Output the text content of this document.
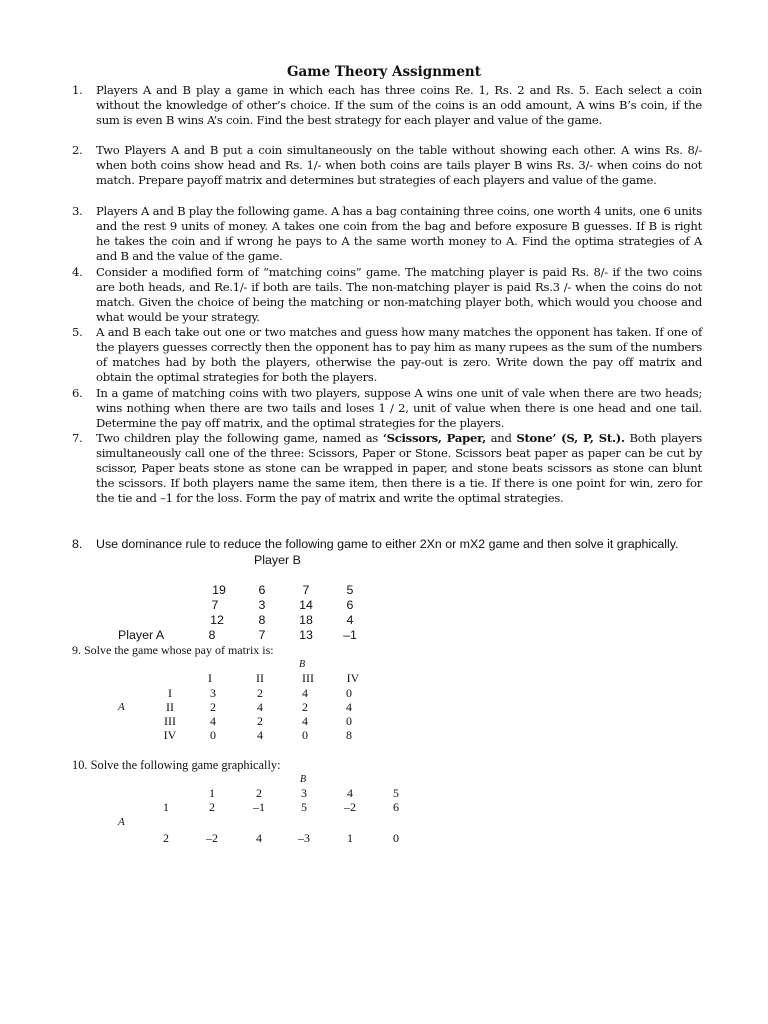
Game Theory Assignment
1. Players A and B play a game in which each has three coins Re. 1, Rs. 2 and Rs. 5. Each select a coin without the knowledge of other’s choice. If the sum of the coins is an odd amount, A wins B’s coin, if the sum is even B wins A’s coin. Find the best strategy for each player and value of the game.
2. Two Players A and B put a coin simultaneously on the table without showing each other. A wins Rs. 8/- when both coins show head and Rs. 1/- when both coins are tails player B wins Rs. 3/- when coins do not match. Prepare payoff matrix and determines but strategies of each players and value of the game.
3. Players A and B play the following game. A has a bag containing three coins, one worth 4 units, one 6 units and the rest 9 units of money. A takes one coin from the bag and before exposure B guesses. If B is right he takes the coin and if wrong he pays to A the same worth money to A. Find the optima strategies of A and B and the value of the game.
4. Consider a modified form of “matching coins” game. The matching player is paid Rs. 8/- if the two coins are both heads, and Re.1/- if both are tails. The non-matching player is paid Rs.3 /- when the coins do not match. Given the choice of being the matching or non-matching player both, which would you choose and what would be your strategy.
5. A and B each take out one or two matches and guess how many matches the opponent has taken. If one of the players guesses correctly then the opponent has to pay him as many rupees as the sum of the numbers of matches had by both the players, otherwise the pay-out is zero. Write down the pay off matrix and obtain the optimal strategies for both the players.
6. In a game of matching coins with two players, suppose A wins one unit of vale when there are two heads; wins nothing when there are two tails and loses 1 / 2, unit of value when there is one head and one tail. Determine the pay off matrix, and the optimal strategies for the players.
7. Two children play the following game, named as ‘Scissors, Paper, and Stone’ (S, P, St.). Both players simultaneously call one of the three: Scissors, Paper or Stone. Scissors beat paper as paper can be cut by scissor, Paper beats stone as stone can be wrapped in paper, and stone beats scissors as stone can blunt the scissors. If both players name the same item, then there is a tie. If there is one point for win, zero for the tie and –1 for the loss. Form the pay of matrix and write the optimal strategies.
8. Use dominance rule to reduce the following game to either 2Xn or mX2 game and then solve it graphically.
Player B
19	6	7	5
7	3	14	6
12	8	18	4
Player A	8	7	13	–1
9. Solve the game whose pay of matrix is:
B
I	II	III	IV
I	3	2	4	0
A	II	2	4	2	4
III	4	2	4	0
IV	0	4	0	8
10. Solve the following game graphically:
B
1	2	3	4	5
1	2	–1	5	–2	6
A
2	–2	4	–3	1	0
